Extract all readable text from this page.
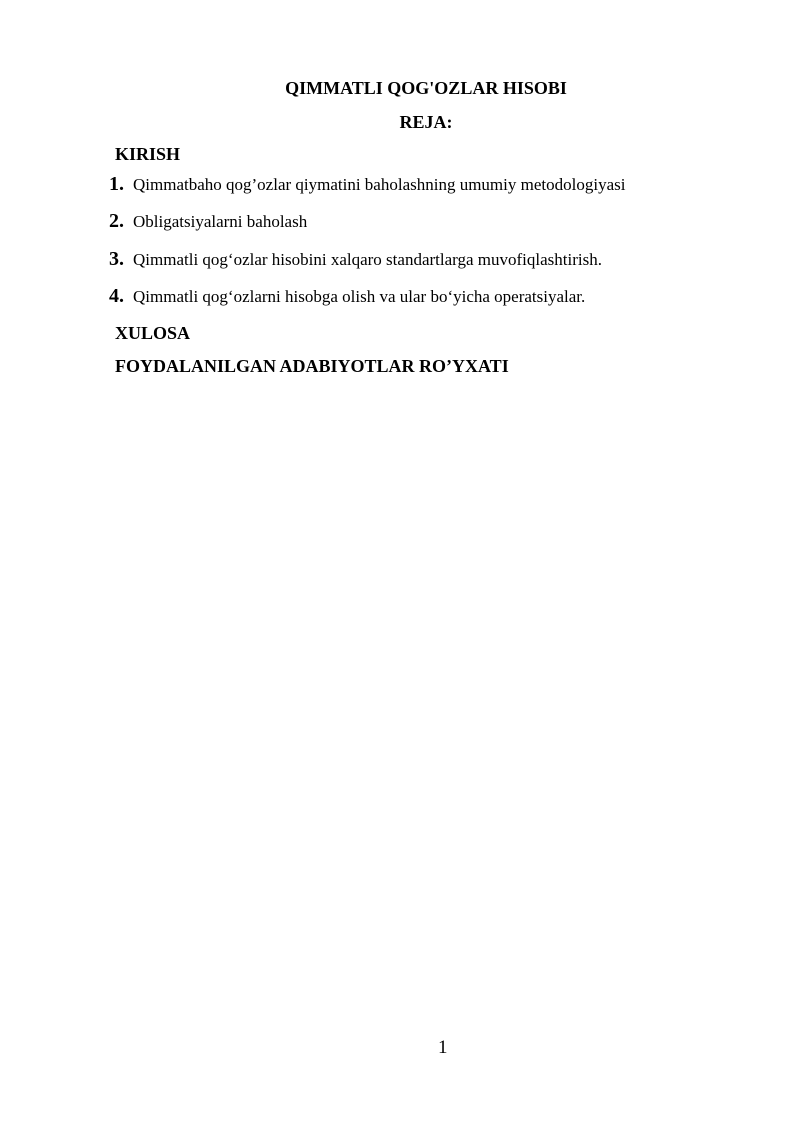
QIMMATLI QOG'OZLAR HISOBI
REJA:
KIRISH
1. Qimmatbaho qog’ozlar qiymatini baholashning umumiy metodologiyasi
2. Obligatsiyalarni baholash
3. Qimmatli qog‘ozlar hisobini xalqaro standartlarga muvofiqlashtirish.
4. Qimmatli qog‘ozlarni hisobga olish va ular bo‘yicha operatsiyalar.
XULOSA
FOYDALANILGAN ADABIYOTLAR RO’YXATI
1
